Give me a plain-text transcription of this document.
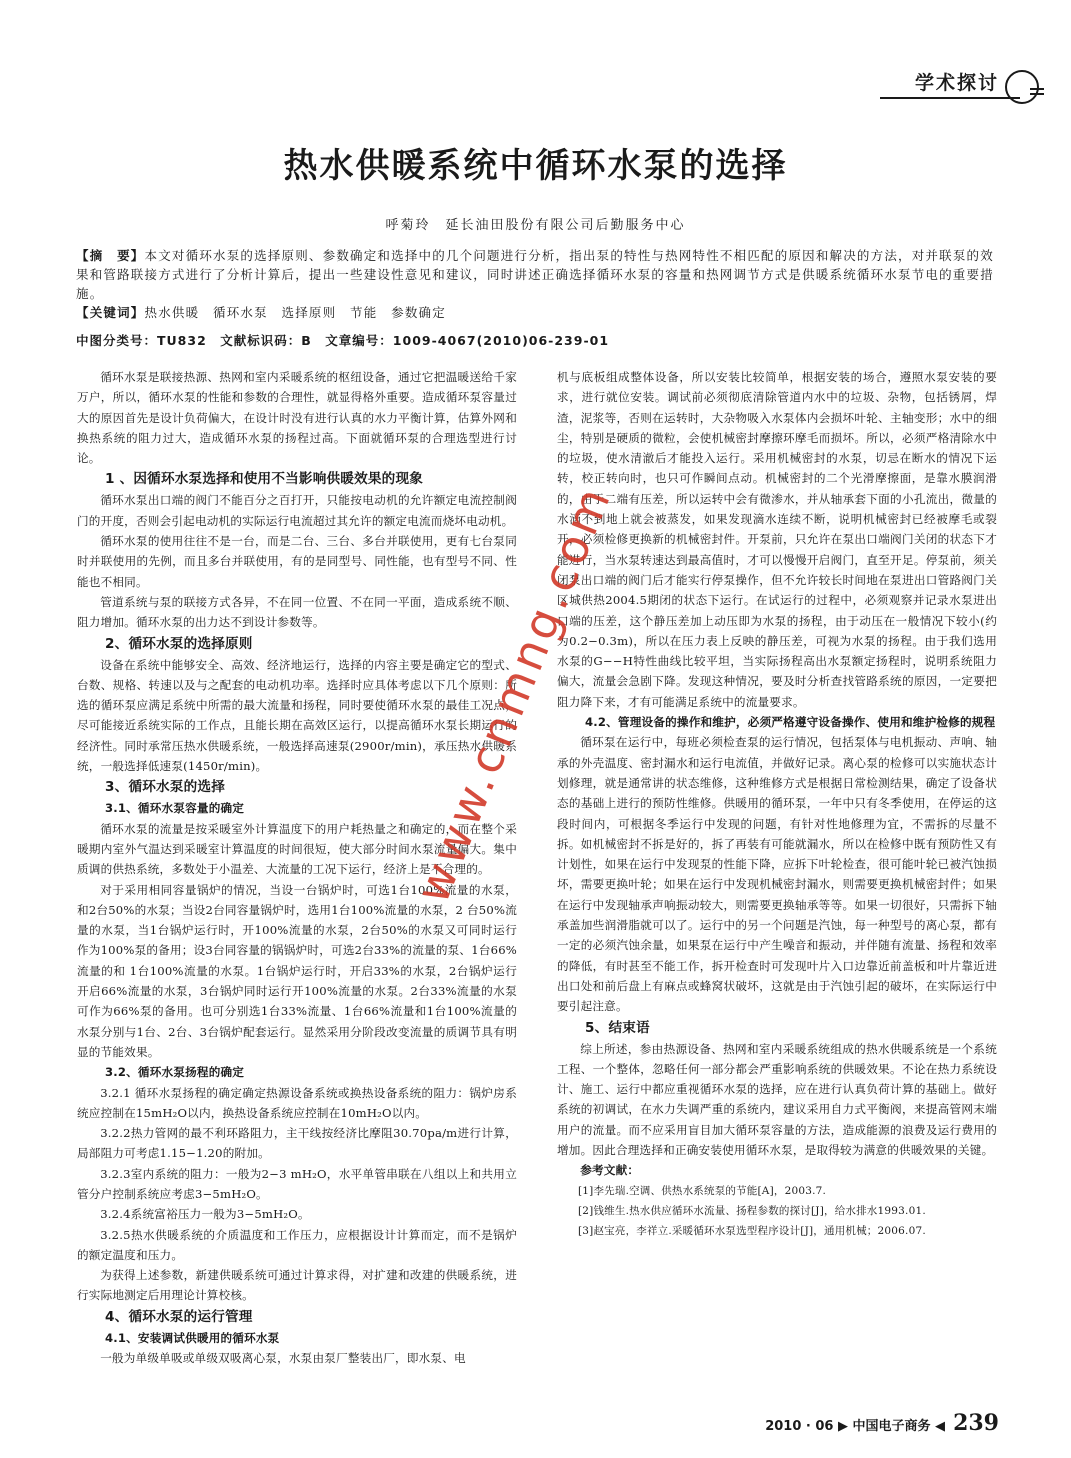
学术探讨
热水供暖系统中循环水泵的选择
呼菊玲　延长油田股份有限公司后勤服务中心
【摘　要】本文对循环水泵的选择原则、参数确定和选择中的几个问题进行分析，指出泵的特性与热网特性不相匹配的原因和解决的方法，对并联泵的效果和管路联接方式进行了分析计算后，提出一些建设性意见和建议，同时讲述正确选择循环水泵的容量和热网调节方式是供暖系统循环水泵节电的重要措施。
【关键词】热水供暖　循环水泵　选择原则　节能　参数确定
中图分类号：TU832　文献标识码：B　文章编号：1009-4067(2010)06-239-01

循环水泵是联接热源、热网和室内采暖系统的枢纽设备，通过它把温暖送给千家万户，所以，循环水泵的性能和参数的合理性，就显得格外重要。造成循环泵容量过大的原因首先是设计负荷偏大，在设计时没有进行认真的水力平衡计算，估算外网和换热系统的阻力过大，造成循环水泵的扬程过高。下面就循环泵的合理选型进行讨论。

1 、因循环水泵选择和使用不当影响供暖效果的现象

循环水泵出口端的阀门不能百分之百打开，只能按电动机的允许额定电流控制阀门的开度，否则会引起电动机的实际运行电流超过其允许的额定电流而烧坏电动机。

循环水泵的使用往往不是一台，而是二台、三台、多台并联使用，更有七台泵同时并联使用的先例，而且多台并联使用，有的是同型号、同性能，也有型号不同、性能也不相同。

管道系统与泵的联接方式各异，不在同一位置、不在同一平面，造成系统不顺、阻力增加。循环水泵的出力达不到设计参数等。

2、循环水泵的选择原则

设备在系统中能够安全、高效、经济地运行，选择的内容主要是确定它的型式、台数、规格、转速以及与之配套的电动机功率。选择时应具体考虑以下几个原则：所选的循环泵应满足系统中所需的最大流量和扬程，同时要使循环水泵的最佳工况点，尽可能接近系统实际的工作点，且能长期在高效区运行，以提高循环水泵长期运行的经济性。同时承常压热水供暖系统，一般选择高速泵(2900r/min)，承压热水供暖系统，一般选择低速泵(1450r/min)。

3、循环水泵的选择
3.1、循环水泵容量的确定

循环水泵的流量是按采暖室外计算温度下的用户耗热量之和确定的，而在整个采暖期内室外气温达到采暖室计算温度的时间很短，使大部分时间水泵流量偏大。集中质调的供热系统，多数处于小温差、大流量的工况下运行，经济上是不合理的。

对于采用相同容量锅炉的情况，当设一台锅炉时，可选1台100%流量的水泵，和2台50%的水泵；当设2台同容量锅炉时，选用1台100%流量的水泵，2 台50%流量的水泵，当1台锅炉运行时，开100%流量的水泵，2台50%的水泵又可同时运行 作为100%泵的备用；设3台同容量的锅锅炉时，可选2台33%的流量的泵、1台66%流量的和 1台100%流量的水泵。1台锅炉运行时，开启33%的水泵，2台锅炉运行开启66%流量的水泵，3台锅炉同时运行开100%流量的水泵。2台33%流量的水泵可作为66%泵的备用。也可分别选1台33%流量、1台66%流量和1台100%流量的水泵分别与1台、2台、3台锅炉配套运行。显然采用分阶段改变流量的质调节具有明显的节能效果。

3.2、循环水泵扬程的确定

3.2.1 循环水泵扬程的确定确定热源设备系统或换热设备系统的阻力：锅炉房系统应控制在15mH₂O以内，换热设备系统应控制在10mH₂O以内。

3.2.2热力管网的最不利环路阻力，主干线按经济比摩阻30.70pa/m进行计算，局部阻力可考虑1.15−1.20的附加。

3.2.3室内系统的阻力：一般为2−3 mH₂O，水平单管串联在八组以上和共用立管分户控制系统应考虑3−5mH₂O。

3.2.4系统富裕压力一般为3−5mH₂O。

3.2.5热水供暖系统的介质温度和工作压力，应根据设计计算而定，而不是锅炉的额定温度和压力。

为获得上述参数，新建供暖系统可通过计算求得，对扩建和改建的供暖系统，进行实际地测定后用理论计算校核。

4、循环水泵的运行管理
4.1、安装调试供暖用的循环水泵

一般为单级单吸或单级双吸离心泵，水泵由泵厂整装出厂，即水泵、电

机与底板组成整体设备，所以安装比较简单，根据安装的场合，遵照水泵安装的要求，进行就位安装。调试前必须彻底清除管道内水中的垃圾、杂物，包括锈屑，焊渣，泥浆等，否则在运转时，大杂物吸入水泵体内会损坏叶轮、主轴变形；水中的细尘，特别是硬质的微粒，会使机械密封摩擦环摩毛而损坏。所以，必须严格清除水中的垃圾，使水清澈后才能投入运行。采用机械密封的水泵，切忌在断水的情况下运转，校正转向时，也只可作瞬间点动。机械密封的二个光滑摩擦面，是靠水膜润滑的，由于二端有压差，所以运转中会有微渗水，并从轴承套下面的小孔流出，微量的水滴不到地上就会被蒸发，如果发现滴水连续不断，说明机械密封已经被摩毛或裂开，必须检修更换新的机械密封件。开泵前，只允许在泵出口端阀门关闭的状态下才能进行，当水泵转速达到最高值时，才可以慢慢开启阀门，直至开足。停泵前，须关闭泵出口端的阀门后才能实行停泵操作，但不允许较长时间地在泵进出口管路阀门关区城供热2004.5期闭的状态下运行。在试运行的过程中，必须观察并记录水泵进出口端的压差，这个静压差加上动压即为水泵的扬程，由于动压在一般情况下较小(约为0.2−0.3m)，所以在压力表上反映的静压差，可视为水泵的扬程。由于我们选用水泵的G−−H特性曲线比较平坦，当实际扬程高出水泵额定扬程时，说明系统阻力偏大，流量会急剧下降。发现这种情况，要及时分析查找管路系统的原因，一定要把阻力降下来，才有可能满足系统中的流量要求。

4.2、管理设备的操作和维护，必须严格遵守设备操作、使用和维护检修的规程

循环泵在运行中，每班必须检查泵的运行情况，包括泵体与电机振动、声响、轴承的外壳温度、密封漏水和运行电流值，并做好记录。离心泵的检修可以实施状态计划修理，就是通常讲的状态维修，这种维修方式是根据日常检测结果，确定了设备状态的基础上进行的预防性维修。供暖用的循环泵，一年中只有冬季使用，在停运的这段时间内，可根据冬季运行中发现的问题，有针对性地修理为宜，不需拆的尽量不拆。如机械密封不拆是好的，拆了再装有可能就漏水，所以在检修中既有预防性又有计划性，如果在运行中发现泵的性能下降，应拆下叶轮检查，很可能叶轮已被汽蚀损坏，需要更换叶轮；如果在运行中发现机械密封漏水，则需要更换机械密封件；如果在运行中发现轴承声响振动较大，则需要更换轴承等等。如果一切很好，只需拆下轴承盖加些润滑脂就可以了。运行中的另一个问题是汽蚀，每一种型号的离心泵，都有一定的必须汽蚀余量，如果泵在运行中产生噪音和振动，并伴随有流量、扬程和效率的降低，有时甚至不能工作，拆开检查时可发现叶片入口边靠近前盖板和叶片靠近进出口处和前后盘上有麻点或蜂窝状破坏，这就是由于汽蚀引起的破坏，在实际运行中要引起注意。

5、结束语

综上所述，参由热源设备、热网和室内采暖系统组成的热水供暖系统是一个系统工程、一个整体，忽略任何一部分都会严重影响系统的供暖效果。不论在热力系统设计、施工、运行中都应重视循环水泵的选择，应在进行认真负荷计算的基础上。做好系统的初调试，在水力失调严重的系统内，建议采用自力式平衡阀，来提高管网末端用户的流量。而不应采用盲目加大循环泵容量的方法，造成能源的浪费及运行费用的增加。因此合理选择和正确安装使用循环水泵，是取得较为满意的供暖效果的关键。

参考文献：

[1]李先瑞.空调、供热水系统泵的节能[A]，2003.7.

[2]钱维生.热水供应循环水流量、扬程参数的探讨[J]，给水排水1993.01.

[3]赵宝亮，李祥立.采暖循环水泵选型程序设计[J]，通用机械；2006.07.

www.cnmng.com
2010 · 06 ▶ 中国电子商务 ◀ 239
